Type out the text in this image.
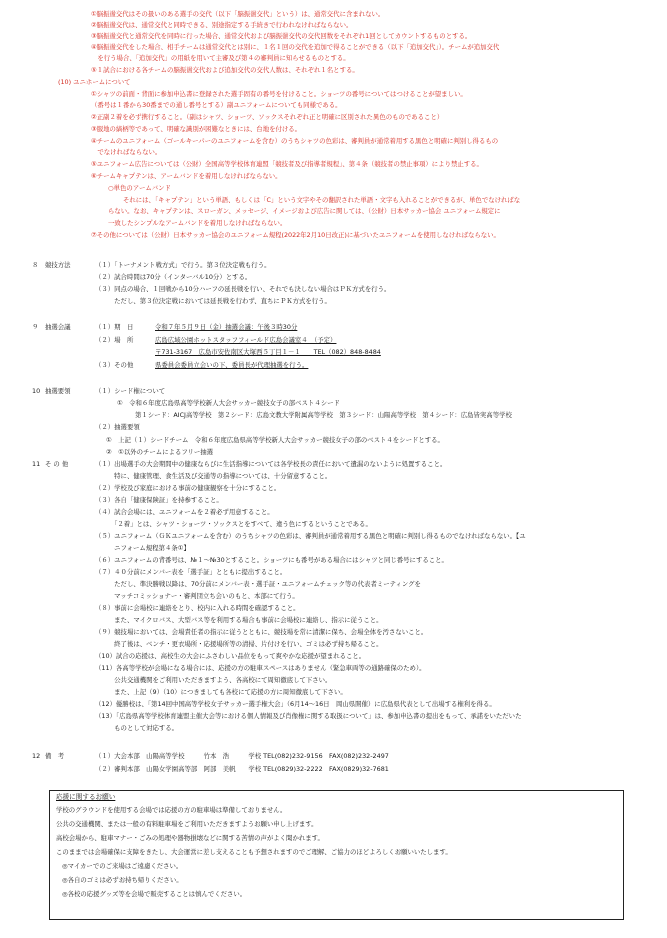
①脳振盪交代はその扱いのある選手の交代（以下「脳振盪交代」という）は、通常交代に含まれない。
②脳振盪交代は、通常交代と同時できる、別途指定する手続きで行われなければならない。
③脳振盪交代と通常交代を同時に行った場合、通常交代および脳振盪交代の交代回数をそれぞれ1回としてカウントするものとする。
④脳振盪交代をした場合、相手チームは通常交代とは別に、１名１回の交代を追加で得ることができる（以下「追加交代」）。チームが追加交代
　を行う場合、「追加交代」の用紙を用いて主審及び第４の審判員に知らせるものとする。
⑤１試合における各チームの脳振盪交代および追加交代の交代人数は、それぞれ１名とする。
(10) ユニホームについて
①シャツの前面・背面に参加申込書に登録された選手固有の番号を付けること。ショーツの番号についてはつけることが望ましい。
（番号は１番から30番までの通し番号とする）副ユニフォームについても同様である。
②正副２着を必ず携行すること。（副はシャツ、ショーツ、ソックスそれぞれ正と明確に区別された異色のものであること）
③服地の縞柄等であって、明確な識別が困難なときには、台地を付ける。
④チームのユニフォーム（ゴールキーパーのユニフォームを含む）のうちシャツの色彩は、審判員が通常着用する黒色と明確に判別し得るもの
　でなければならない。
⑤ユニフォーム広告については（公財）全国高等学校体育連盟「競技者及び指導者規程」、第４条（競技者の禁止事項）により禁止する。
⑥チームキャプテンは、アームバンドを着用しなければならない。
○単色のアームバンド
それには、「キャプテン」という単語、もしくは「C」という文字やその翻訳された単語・文字も入れることができるが、単色でなければな
らない。なお、キャプテンは、スローガン、メッセージ、イメージおよび広告に関しては、（公財）日本サッカー協会 ユニフォーム規定に
一致したシンプルなアームバンドを着用しなければならない。
⑦その他については（公財）日本サッカー協会のユニフォーム規程(2022年2月10日改正)に基づいたユニフォームを使用しなければならない。
８ 競技方法	（１）「トーナメント戦方式」で行う。第３位決定戦も行う。
（２）試合時間は70分（インターバル10分）とする。
（３）同点の場合、１回戦から10分ハーフの延長戦を行い、それでも決しない場合はＰＫ方式を行う。
　　　ただし、第３位決定戦においては延長戦を行わず、直ちにＰＫ方式を行う。
９ 抽選会議	（１）期　日	令和７年５月９日（金）抽選会議：午後３時30分
（２）場　所	広島広域公園ホットスタッフフィールド広島会議室４　（予定）
〒731-3167　広島市安佐南区大塚西５丁目１－１　　TEL（082）848-8484
（３）その他	県委員会委員立会いの下、委員長が代理抽選を行う。
10 抽選要領	（１）シード権について
①　令和６年度広島県高等学校新人大会サッカー競技女子の部ベスト４シード
第１シード：AICJ高等学校　第２シード：広島文教大学附属高等学校　第３シード：山陽高等学校　第４シード：広島皆実高等学校
（２）抽選要領
①　上記（１）シードチーム　令和６年度広島県高等学校新人大会サッカー競技女子の部のベスト４をシードとする。
②　①以外のチームによるフリー抽選
11 そ の 他	（１）出場選手の大会期間中の健康ならびに生活指導については各学校長の責任において遺漏のないように処置すること。
　　　特に、健康管理、食生活及び交通等の指導については、十分留意すること。
（２）学校及び家庭における事前の健康観察を十分にすること。
（３）各自「健康保険証」を持参すること。
（４）試合会場には、ユニフォームを２着必ず用意すること。
　　　「２着」とは、シャツ・ショーツ・ソックスとをすべて、違う色にするということである。
（５）ユニフォーム（ＧＫユニフォームを含む）のうちシャツの色彩は、審判員が通常着用する黒色と明確に判別し得るものでなければならない。【ユ
　　　ニフォーム規程第４条①】
（６）ユニフォームの背番号は、№１～№30とすること。ショーツにも番号がある場合にはシャツと同じ番号にすること。
（７）４０分前にメンバー表を「選手証」とともに提出すること。
　　　ただし、準決勝戦以降は、70分前にメンバー表・選手証・ユニフォームチェック等の代表者ミーティングを
　　　マッチコミッショナー・審判団立ち会いのもと、本部にて行う。
（８）事前に会場校に連絡をとり、校内に入れる時間を確認すること。
　　　また、マイクロバス、大型バス等を利用する場合も事前に会場校に連絡し、指示に従うこと。
（９）競技場においては、会場責任者の指示に従うとともに、競技場を常に清潔に保ち、会場全体を汚さないこと。
　　　終了後は、ベンチ・更衣場所・応援場所等の清掃、片付けを行い、ゴミは必ず持ち帰ること。
（10）試合の応援は、高校生の大会にふさわしい品位をもって爽やかな応援が望まれること。
（11）各高等学校が会場になる場合には、応援の方の駐車スペースはありません（緊急車両等の通路確保のため）。
　　　公共交通機関をご利用いただきますよう、各高校にて周知徹底して下さい。
　　　また、上記（9）（10）につきましても各校にて応援の方に周知徹底して下さい。
（12）優勝校は、「第14回中国高等学校女子サッカー選手権大会」（6月14～16日　岡山県開催）に広島県代表として出場する権利を得る。
（13）「広島県高等学校体育連盟主催大会等における個人情報及び肖像権に関する取扱について」は、参加申込書の提出をもって、承諾をいただいた
　　　ものとして対応する。
12 備　考	（１）大会本部　山陽高等学校　　　竹本　浩　　　学校 TEL(082)232-9156　FAX(082)232-2497
（２）審判本部　山陽女学園高等部　阿部　美帆　　学校 TEL(0829)32-2222　FAX(0829)32-7681
応援に関するお願い
学校のグラウンドを使用する会場では応援の方の駐車場は準備しておりません。
公共の交通機関、または一般の有料駐車場をご利用いただきますようお願い申し上げます。
高校会場から、駐車マナー・ごみの処理や器物損壊などに関する苦情の声がよく聞かれます。
このままでは会場確保に支障をきたし、大会運営に差し支えることも予想されますのでご理解、ご協力のほどよろしくお願いいたします。
◎マイカーでのご来場はご遠慮ください。
◎各自のゴミは必ずお持ち帰りください。
◎各校の応援グッズ等を会場で販売することは慎んでください。
